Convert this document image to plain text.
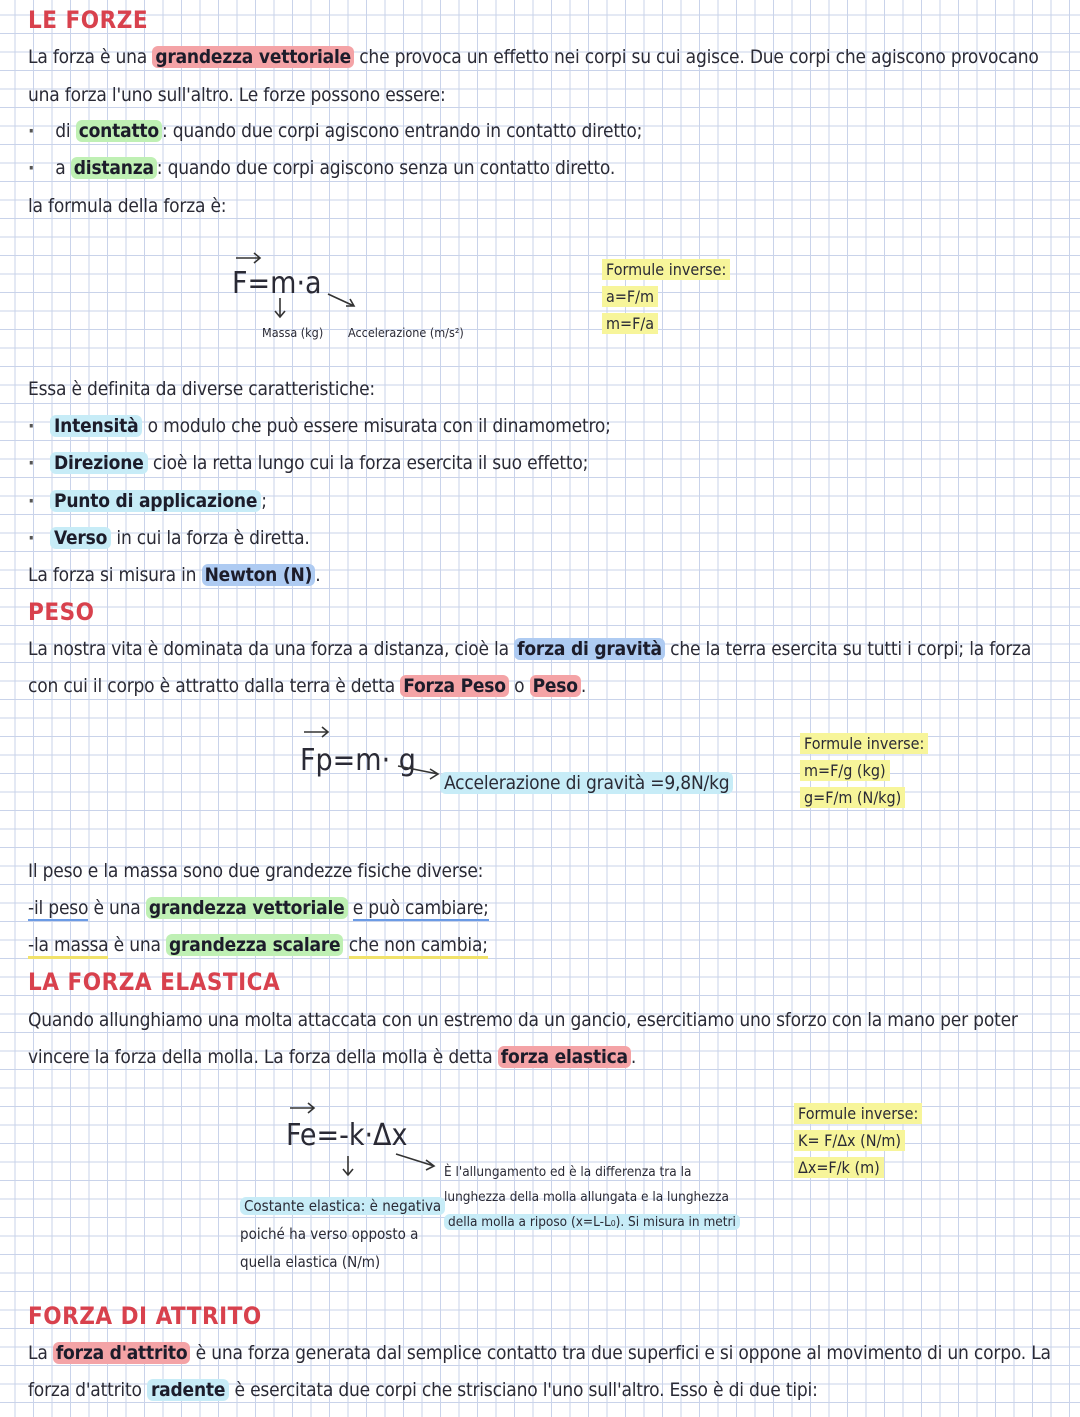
LE FORZE
La forza è una grandezza vettoriale che provoca un effetto nei corpi su cui agisce. Due corpi che agiscono provocano
una forza l'uno sull'altro. Le forze possono essere:
· di contatto : quando due corpi agiscono entrando in contatto diretto;
· a distanza : quando due corpi agiscono senza un contatto diretto.
la formula della forza è:
F=m·a
Massa (kg) Accelerazione (m/s²)
Formule inverse:
a=F/m
m=F/a
Essa è definita da diverse caratteristiche:
· Intensità o modulo che può essere misurata con il dinamometro;
· Direzione cioè la retta lungo cui la forza esercita il suo effetto;
· Punto di applicazione ;
· Verso in cui la forza è diretta.
La forza si misura in Newton (N) .
PESO
La nostra vita è dominata da una forza a distanza, cioè la forza di gravità che la terra esercita su tutti i corpi; la forza
con cui il corpo è attratto dalla terra è detta Forza Peso o Peso .
Fp=m· g
Accelerazione di gravità =9,8N/kg
Formule inverse:
m=F/g (kg)
g=F/m (N/kg)
Il peso e la massa sono due grandezze fisiche diverse:
-il peso è una grandezza vettoriale e può cambiare;
-la massa è una grandezza scalare che non cambia;
LA FORZA ELASTICA
Quando allunghiamo una molta attaccata con un estremo da un gancio, esercitiamo uno sforzo con la mano per poter
vincere la forza della molla. La forza della molla è detta forza elastica .
Fe=-k·Δx
Costante elastica: è negativa
poiché ha verso opposto a
quella elastica (N/m)
È l'allungamento ed è la differenza tra la
lunghezza della molla allungata e la lunghezza
della molla a riposo (x=L-L₀). Si misura in metri
Formule inverse:
K= F/Δx (N/m)
Δx=F/k (m)
FORZA DI ATTRITO
La forza d'attrito è una forza generata dal semplice contatto tra due superfici e si oppone al movimento di un corpo. La
forza d'attrito radente è esercitata due corpi che strisciano l'uno sull'altro. Esso è di due tipi:
